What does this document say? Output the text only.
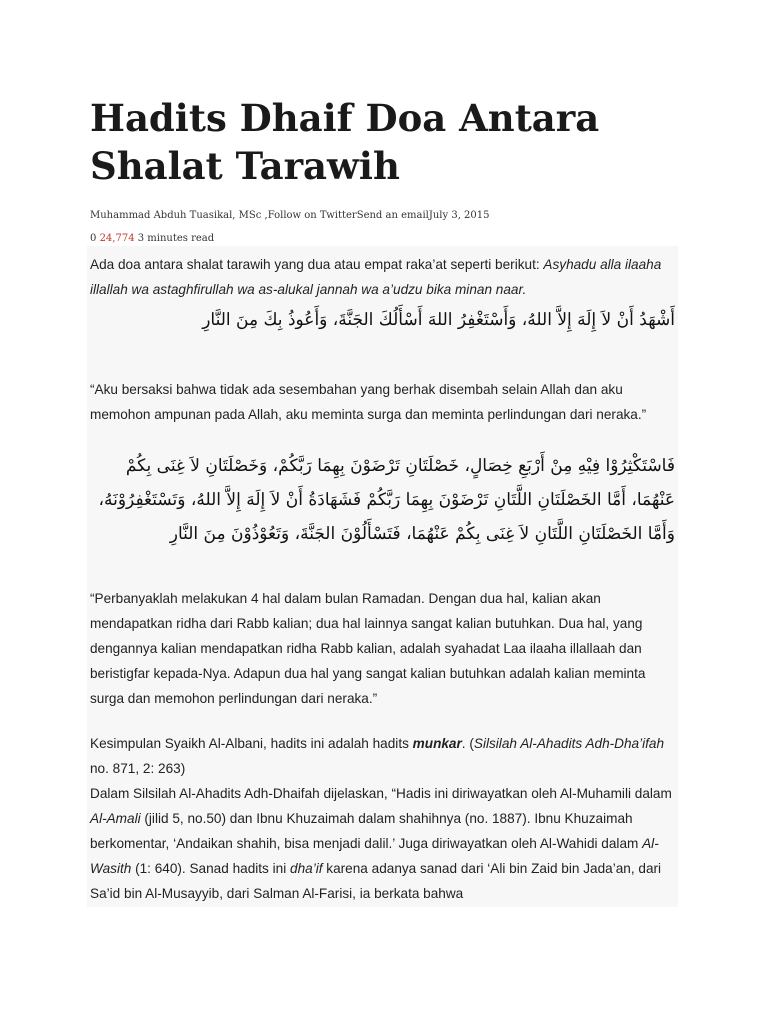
Hadits Dhaif Doa Antara Shalat Tarawih
Muhammad Abduh Tuasikal, MSc ,Follow on TwitterSend an emailJuly 3, 2015
0 24,774 3 minutes read

Ada doa antara shalat tarawih yang dua atau empat raka’at seperti berikut: Asyhadu alla ilaaha illallah wa astaghfirullah wa as-alukal jannah wa a’udzu bika minan naar.

أَشْهَدُ أَنْ لاَ إِلَهَ إِلاَّ اللهُ، وَأَسْتَغْفِرُ اللهَ أَسْأَلُكَ الجَنَّةَ، وَأَعُوذُ بِكَ مِنَ النَّارِ

“Aku bersaksi bahwa tidak ada sesembahan yang berhak disembah selain Allah dan aku memohon ampunan pada Allah, aku meminta surga dan meminta perlindungan dari neraka.”

فَاسْتَكْثِرُوْا فِيْهِ مِنْ أَرْبَعِ خِصَالٍ، خَصْلَتَانِ تَرْضَوْنَ بِهِمَا رَبَّكُمْ، وَخَصْلَتَانِ لاَ غِنَى بِكُمْ عَنْهُمَا، أَمَّا الخَصْلَتَانِ اللَّتَانِ تَرْضَوْنَ بِهِمَا رَبَّكُمْ فَشَهَادَةُ أَنْ لاَ إِلَهَ إِلاَّ اللهُ، وَتَسْتَغْفِرُوْنَهُ، وَأَمَّا الخَصْلَتَانِ اللَّتَانِ لاَ غِنَى بِكُمْ عَنْهُمَا، فَتَسْأَلُوْنَ الجَنَّةَ، وَتَعُوْذُوْنَ مِنَ النَّارِ

“Perbanyaklah melakukan 4 hal dalam bulan Ramadan. Dengan dua hal, kalian akan mendapatkan ridha dari Rabb kalian; dua hal lainnya sangat kalian butuhkan. Dua hal, yang dengannya kalian mendapatkan ridha Rabb kalian, adalah syahadat Laa ilaaha illallaah dan beristigfar kepada-Nya. Adapun dua hal yang sangat kalian butuhkan adalah kalian meminta surga dan memohon perlindungan dari neraka.”

Kesimpulan Syaikh Al-Albani, hadits ini adalah hadits munkar. (Silsilah Al-Ahadits Adh-Dha’ifah no. 871, 2: 263)

Dalam Silsilah Al-Ahadits Adh-Dhaifah dijelaskan, “Hadis ini diriwayatkan oleh Al-Muhamili dalam Al-Amali (jilid 5, no.50) dan Ibnu Khuzaimah dalam shahihnya (no. 1887). Ibnu Khuzaimah berkomentar, ‘Andaikan shahih, bisa menjadi dalil.’ Juga diriwayatkan oleh Al-Wahidi dalam Al-Wasith (1: 640). Sanad hadits ini dha’if karena adanya sanad dari ‘Ali bin Zaid bin Jada’an, dari Sa’id bin Al-Musayyib, dari Salman Al-Farisi, ia berkata bahwa
